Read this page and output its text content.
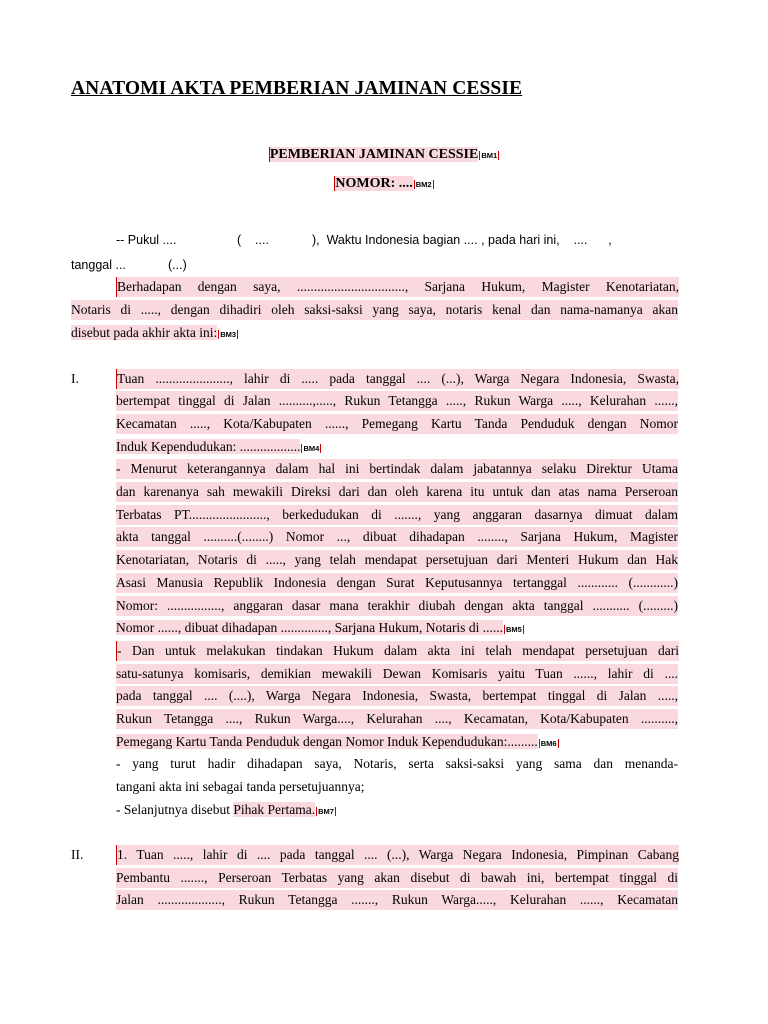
ANATOMI AKTA PEMBERIAN JAMINAN CESSIE
PEMBERIAN JAMINAN CESSIE BM1
NOMOR: .... BM2
-- Pukul ....	(    ....	),  Waktu Indonesia bagian .... , pada hari ini,    ....      ,
tanggal ...	(...)
Berhadapan dengan saya, ................................, Sarjana Hukum, Magister Kenotariatan,
Notaris di ....., dengan dihadiri oleh saksi-saksi yang saya, notaris kenal dan nama-namanya akan
disebut pada akhir akta ini: BM3
I.	Tuan ......................, lahir di ..... pada tanggal .... (...), Warga Negara Indonesia, Swasta,
bertempat tinggal di Jalan ..........,....., Rukun Tetangga ....., Rukun Warga ....., Kelurahan ......,
Kecamatan ....., Kota/Kabupaten ......, Pemegang Kartu Tanda Penduduk dengan Nomor
Induk Kependudukan: .................. BM4
- Menurut keterangannya dalam hal ini bertindak dalam jabatannya selaku Direktur Utama
dan karenanya sah mewakili Direksi dari dan oleh karena itu untuk dan atas nama Perseroan
Terbatas PT......................., berkedudukan di ......., yang anggaran dasarnya dimuat dalam
akta tanggal ..........(........) Nomor ..., dibuat dihadapan ........, Sarjana Hukum, Magister
Kenotariatan, Notaris di ....., yang telah mendapat persetujuan dari Menteri Hukum dan Hak
Asasi Manusia Republik Indonesia dengan Surat Keputusannya tertanggal ............ (............)
Nomor: ................, anggaran dasar mana terakhir diubah dengan akta tanggal ........... (.........)
Nomor ......, dibuat dihadapan .............., Sarjana Hukum, Notaris di ...... BM5
- Dan untuk melakukan tindakan Hukum dalam akta ini telah mendapat persetujuan dari
satu-satunya komisaris, demikian mewakili Dewan Komisaris yaitu Tuan ......, lahir di ....
pada tanggal .... (....), Warga Negara Indonesia, Swasta, bertempat tinggal di Jalan .....,
Rukun Tetangga ...., Rukun Warga...., Kelurahan ...., Kecamatan, Kota/Kabupaten ..........,
Pemegang Kartu Tanda Penduduk dengan Nomor Induk Kependudukan:......... BM6
- yang turut hadir dihadapan saya, Notaris, serta saksi-saksi yang sama dan menanda-
tangani akta ini sebagai tanda persetujuannya;
- Selanjutnya disebut Pihak Pertama. BM7
II. 1. Tuan ....., lahir di .... pada tanggal .... (...), Warga Negara Indonesia, Pimpinan Cabang
Pembantu ......., Perseroan Terbatas yang akan disebut di bawah ini, bertempat tinggal di
Jalan ..................., Rukun Tetangga ......., Rukun Warga....., Kelurahan ......, Kecamatan
